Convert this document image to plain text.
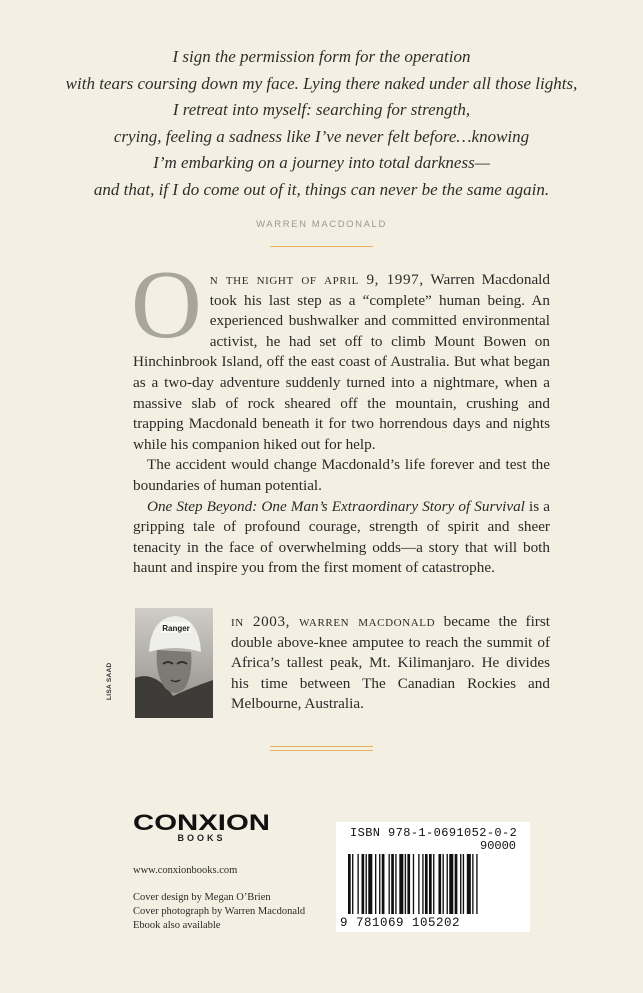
I sign the permission form for the operation
with tears coursing down my face. Lying there naked under all those lights,
I retreat into myself: searching for strength,
crying, feeling a sadness like I’ve never felt before…knowing
I’m embarking on a journey into total darkness—
and that, if I do come out of it, things can never be the same again.
WARREN MACDONALD

On the night of april 9, 1997, Warren Macdonald took his last step as a “complete” human being. An experienced bushwalker and committed environmental activist, he had set off to climb Mount Bowen on Hinchinbrook Island, off the east coast of Australia. But what began as a two-day adventure suddenly turned into a nightmare, when a massive slab of rock sheared off the mountain, crushing and trapping Macdonald beneath it for two horrendous days and nights while his companion hiked out for help.

The accident would change Macdonald’s life forever and test the boundaries of human potential.

One Step Beyond: One Man’s Extraordinary Story of Survival is a gripping tale of profound courage, strength of spirit and sheer tenacity in the face of overwhelming odds—a story that will both haunt and inspire you from the first moment of catastrophe.

Ranger
LISA SAAD
in 2003, warren macdonald became the first double above-knee amputee to reach the summit of Africa’s tallest peak, Mt. Kilimanjaro. He divides his time between The Canadian Rockies and Melbourne, Australia.
CONXION
BOOKS
www.conxionbooks.com
Cover design by Megan O’Brien
Cover photograph by Warren Macdonald
Ebook also available
ISBN 978-1-0691052-0-2
90000
9 781069 105202
